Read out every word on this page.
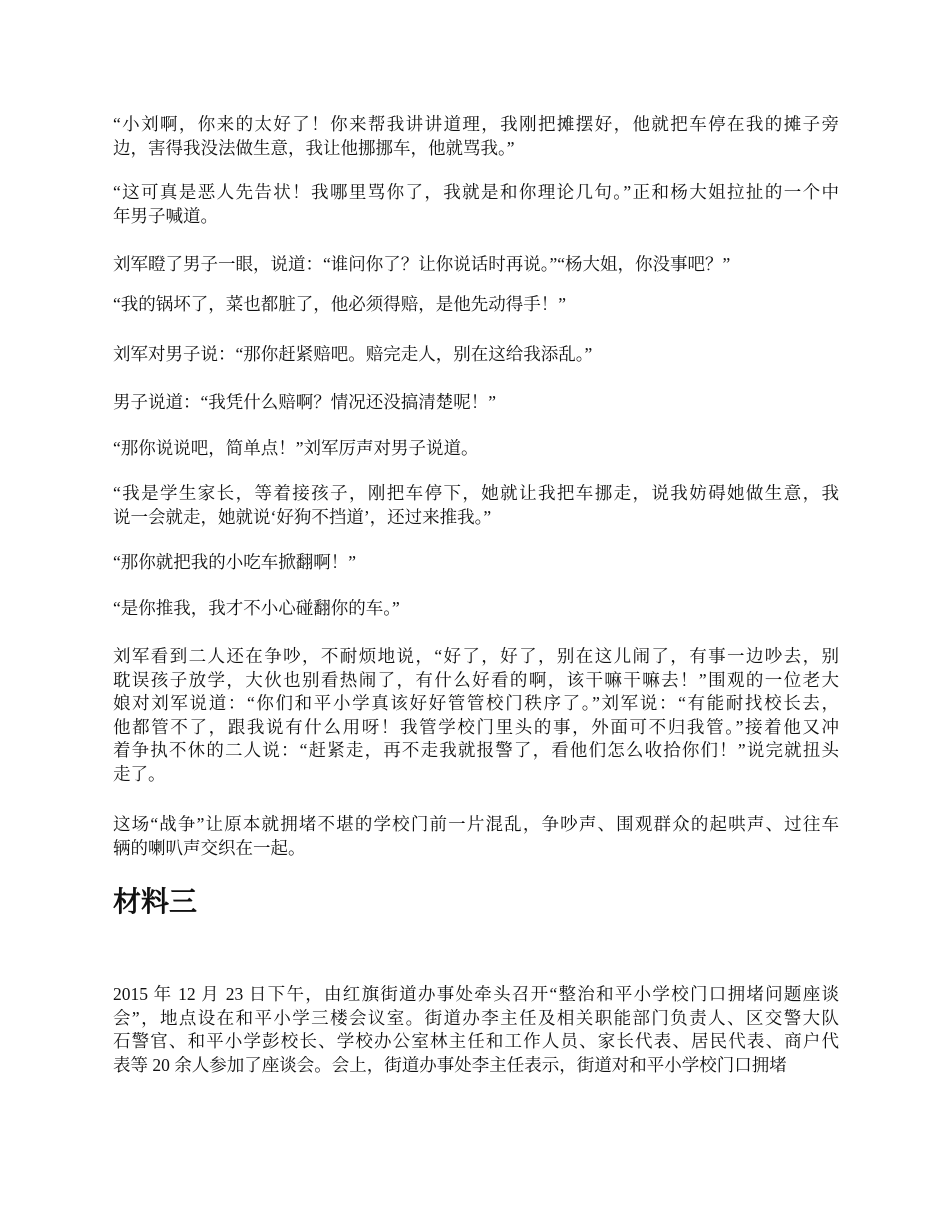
“小刘啊，你来的太好了！你来帮我讲讲道理，我刚把摊摆好，他就把车停在我的摊子旁
边，害得我没法做生意，我让他挪挪车，他就骂我。”
“这可真是恶人先告状！我哪里骂你了，我就是和你理论几句。”正和杨大姐拉扯的一个中
年男子喊道。
刘军瞪了男子一眼，说道：“谁问你了？让你说话时再说。”“杨大姐，你没事吧？”
“我的锅坏了，菜也都脏了，他必须得赔，是他先动得手！”
刘军对男子说：“那你赶紧赔吧。赔完走人，别在这给我添乱。”
男子说道：“我凭什么赔啊？情况还没搞清楚呢！”
“那你说说吧，简单点！”刘军厉声对男子说道。
“我是学生家长，等着接孩子，刚把车停下，她就让我把车挪走，说我妨碍她做生意，我
说一会就走，她就说‘好狗不挡道’，还过来推我。”
“那你就把我的小吃车掀翻啊！”
“是你推我，我才不小心碰翻你的车。”
刘军看到二人还在争吵，不耐烦地说，“好了，好了，别在这儿闹了，有事一边吵去，别
耽误孩子放学，大伙也别看热闹了，有什么好看的啊，该干嘛干嘛去！”围观的一位老大
娘对刘军说道：“你们和平小学真该好好管管校门秩序了。”刘军说：“有能耐找校长去，
他都管不了，跟我说有什么用呀！我管学校门里头的事，外面可不归我管。”接着他又冲
着争执不休的二人说：“赶紧走，再不走我就报警了，看他们怎么收拾你们！”说完就扭头
走了。
这场“战争”让原本就拥堵不堪的学校门前一片混乱，争吵声、围观群众的起哄声、过往车
辆的喇叭声交织在一起。
2015 年 12 月 23 日下午，由红旗街道办事处牵头召开“整治和平小学校门口拥堵问题座谈
会”，地点设在和平小学三楼会议室。街道办李主任及相关职能部门负责人、区交警大队
石警官、和平小学彭校长、学校办公室林主任和工作人员、家长代表、居民代表、商户代
表等 20 余人参加了座谈会。会上，街道办事处李主任表示，街道对和平小学校门口拥堵
材料三
